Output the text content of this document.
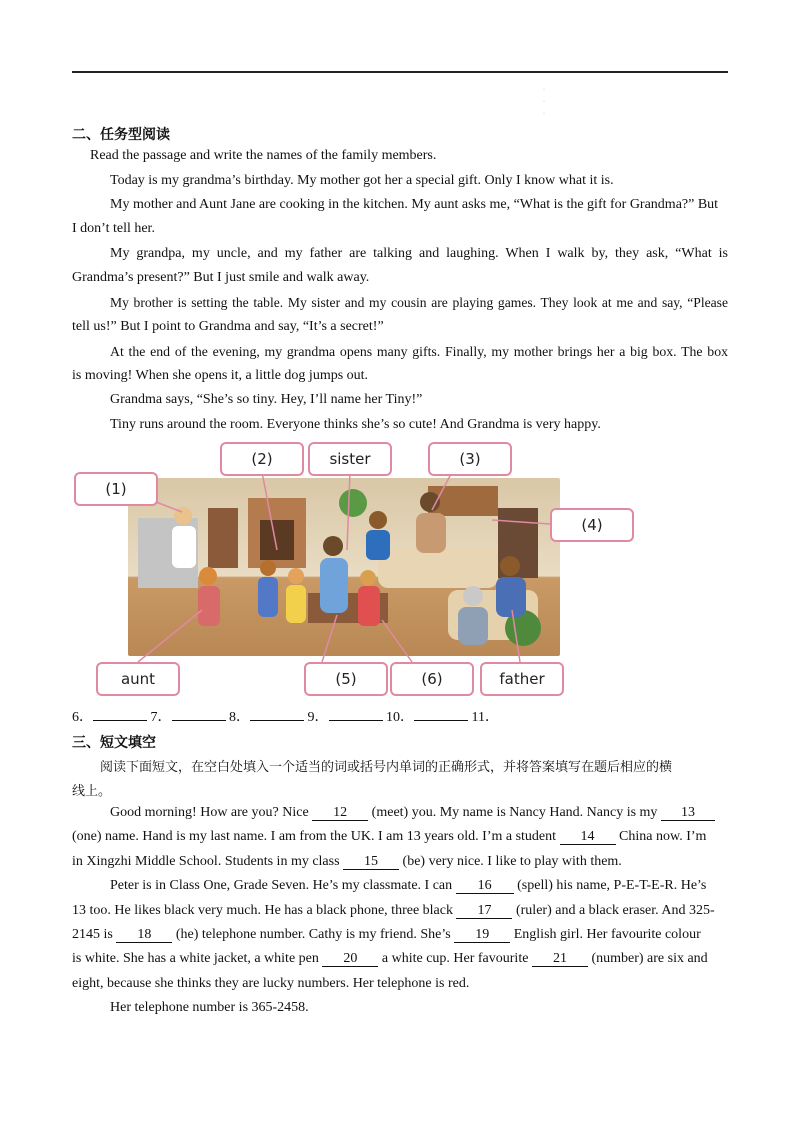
·
·
·
二、任务型阅读
Read the passage and write the names of the family members.
Today is my grandma’s birthday. My mother got her a special gift. Only I know what it is.
My mother and Aunt Jane are cooking in the kitchen. My aunt asks me, “What is the gift for Grandma?” But
I don’t tell her.
My grandpa, my uncle, and my father are talking and laughing. When I walk by, they ask, “What is
Grandma’s present?” But I just smile and walk away.
My brother is setting the table. My sister and my cousin are playing games. They look at me and say, “Please
tell us!” But I point to Grandma and say, “It’s a secret!”
At the end of the evening, my grandma opens many gifts. Finally, my mother brings her a big box. The box
is moving! When she opens it, a little dog jumps out.
Grandma says, “She’s so tiny. Hey, I’ll name her Tiny!”
Tiny runs around the room. Everyone thinks she’s so cute! And Grandma is very happy.
(1)
(2)	sister	(3)
(4)
aunt	(5)	(6)	father
6．	7．	8．	9．	10．	11．
三、短文填空
阅读下面短文，在空白处填入一个适当的词或括号内单词的正确形式，并将答案填写在题后相应的横
线上。
Good morning! How are you? Nice 12 (meet) you. My name is Nancy Hand. Nancy is my 13
(one) name. Hand is my last name. I am from the UK. I am 13 years old. I’m a student 14 China now. I’m
in Xingzhi Middle School. Students in my class 15 (be) very nice. I like to play with them.
Peter is in Class One, Grade Seven. He’s my classmate. I can 16 (spell) his name, P-E-T-E-R. He’s
13 too. He likes black very much. He has a black phone, three black 17 (ruler) and a black eraser. And 325-
2145 is 18 (he) telephone number. Cathy is my friend. She’s 19 English girl. Her favourite colour
is white. She has a white jacket, a white pen 20 a white cup. Her favourite 21 (number) are six and
eight, because she thinks they are lucky numbers. Her telephone is red.
Her telephone number is 365-2458.
